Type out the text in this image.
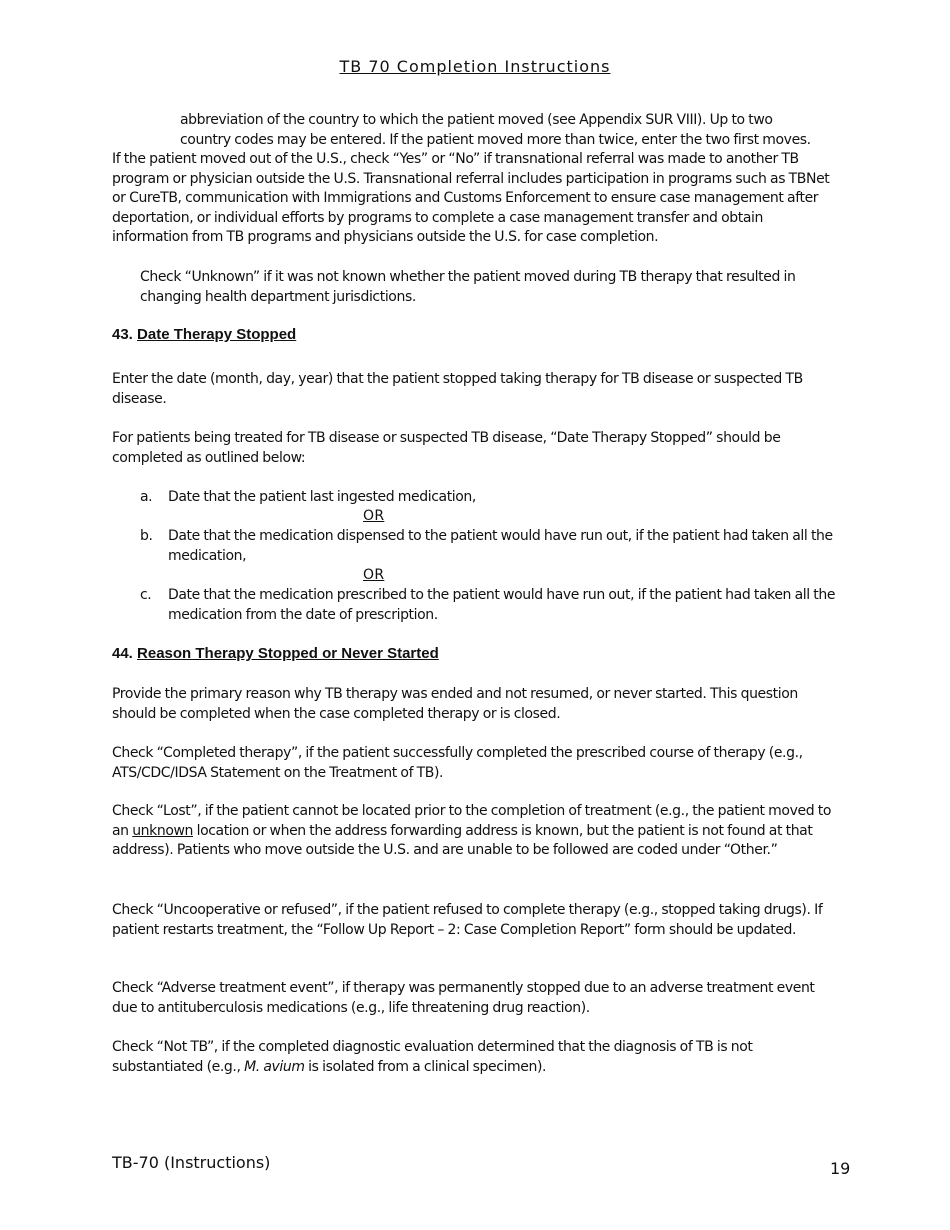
TB 70 Completion Instructions
abbreviation of the country to which the patient moved (see Appendix SUR VIII). Up to two
country codes may be entered. If the patient moved more than twice, enter the two first moves.
If the patient moved out of the U.S., check “Yes” or “No” if transnational referral was made to another TB program or physician outside the U.S. Transnational referral includes participation in programs such as TBNet or CureTB, communication with Immigrations and Customs Enforcement to ensure case management after deportation, or individual efforts by programs to complete a case management transfer and obtain information from TB programs and physicians outside the U.S. for case completion.
Check “Unknown” if it was not known whether the patient moved during TB therapy that resulted in changing health department jurisdictions.
43. Date Therapy Stopped
Enter the date (month, day, year) that the patient stopped taking therapy for TB disease or suspected TB disease.
For patients being treated for TB disease or suspected TB disease, “Date Therapy Stopped” should be completed as outlined below:
a. Date that the patient last ingested medication,
OR
b. Date that the medication dispensed to the patient would have run out, if the patient had taken all the medication,
OR
c. Date that the medication prescribed to the patient would have run out, if the patient had taken all the medication from the date of prescription.
44. Reason Therapy Stopped or Never Started
Provide the primary reason why TB therapy was ended and not resumed, or never started. This question should be completed when the case completed therapy or is closed.
Check “Completed therapy”, if the patient successfully completed the prescribed course of therapy (e.g., ATS/CDC/IDSA Statement on the Treatment of TB).
Check “Lost”, if the patient cannot be located prior to the completion of treatment (e.g., the patient moved to an unknown location or when the address forwarding address is known, but the patient is not found at that address). Patients who move outside the U.S. and are unable to be followed are coded under “Other.”
Check “Uncooperative or refused”, if the patient refused to complete therapy (e.g., stopped taking drugs). If patient restarts treatment, the “Follow Up Report – 2: Case Completion Report” form should be updated.
Check “Adverse treatment event”, if therapy was permanently stopped due to an adverse treatment event due to antituberculosis medications (e.g., life threatening drug reaction).
Check “Not TB”, if the completed diagnostic evaluation determined that the diagnosis of TB is not substantiated (e.g., M. avium is isolated from a clinical specimen).
TB-70 (Instructions)	19
